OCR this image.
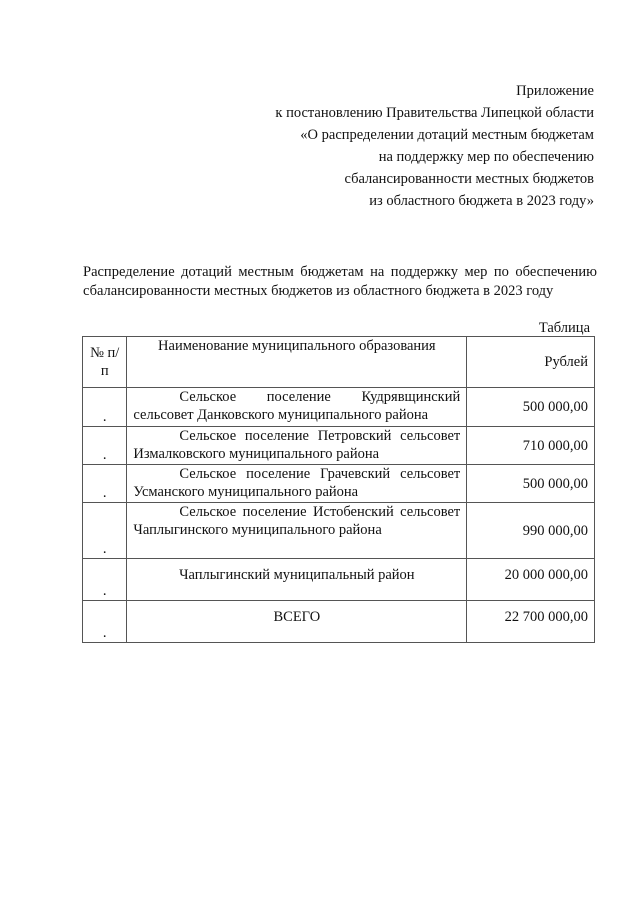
Приложение
к постановлению Правительства Липецкой области
«О распределении дотаций местным бюджетам
на поддержку мер по обеспечению
сбалансированности местных бюджетов
из областного бюджета в 2023 году»
Распределение дотаций местным бюджетам на поддержку мер по обеспечению сбалансированности местных бюджетов из областного бюджета в 2023 году
Таблица
№ п/п	Наименование муниципального образования	Рублей
.	Сельское поселение Кудрявщинский сельсовет Данковского муниципального района	500 000,00
.	Сельское поселение Петровский сельсовет Измалковского муниципального района	710 000,00
.	Сельское поселение Грачевский сельсовет Усманского муниципального района	500 000,00
.	Сельское поселение Истобенский сельсовет Чаплыгинского муниципального района	990 000,00
.	Чаплыгинский муниципальный район	20 000 000,00
.	ВСЕГО	22 700 000,00
